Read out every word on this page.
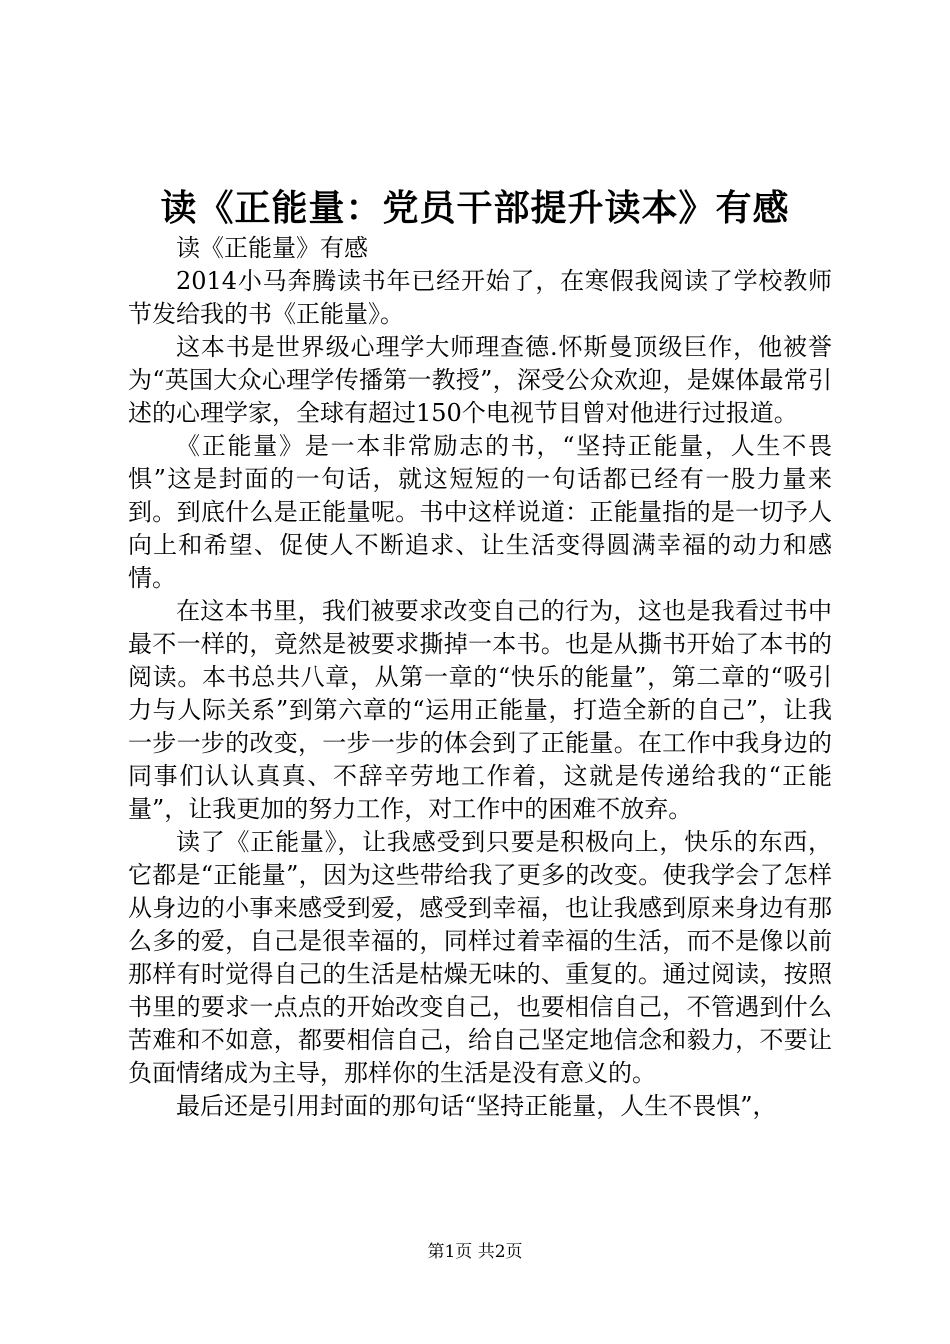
读《正能量：党员干部提升读本》有感

读《正能量》有感

2014小马奔腾读书年已经开始了，在寒假我阅读了学校教师节发给我的书《正能量》。

这本书是世界级心理学大师理查德.怀斯曼顶级巨作，他被誉为“英国大众心理学传播第一教授”，深受公众欢迎，是媒体最常引述的心理学家，全球有超过150个电视节目曾对他进行过报道。

《正能量》是一本非常励志的书，“坚持正能量，人生不畏惧”这是封面的一句话，就这短短的一句话都已经有一股力量来到。到底什么是正能量呢。书中这样说道：正能量指的是一切予人向上和希望、促使人不断追求、让生活变得圆满幸福的动力和感情。

在这本书里，我们被要求改变自己的行为，这也是我看过书中最不一样的，竟然是被要求撕掉一本书。也是从撕书开始了本书的阅读。本书总共八章，从第一章的“快乐的能量”，第二章的“吸引力与人际关系”到第六章的“运用正能量，打造全新的自己”，让我一步一步的改变，一步一步的体会到了正能量。在工作中我身边的同事们认认真真、不辞辛劳地工作着，这就是传递给我的“正能量”，让我更加的努力工作，对工作中的困难不放弃。

读了《正能量》，让我感受到只要是积极向上，快乐的东西，它都是“正能量”，因为这些带给我了更多的改变。使我学会了怎样从身边的小事来感受到爱，感受到幸福，也让我感到原来身边有那么多的爱，自己是很幸福的，同样过着幸福的生活，而不是像以前那样有时觉得自己的生活是枯燥无味的、重复的。通过阅读，按照书里的要求一点点的开始改变自己，也要相信自己，不管遇到什么苦难和不如意，都要相信自己，给自己坚定地信念和毅力，不要让负面情绪成为主导，那样你的生活是没有意义的。

最后还是引用封面的那句话“坚持正能量，人生不畏惧”，

第1页 共2页
